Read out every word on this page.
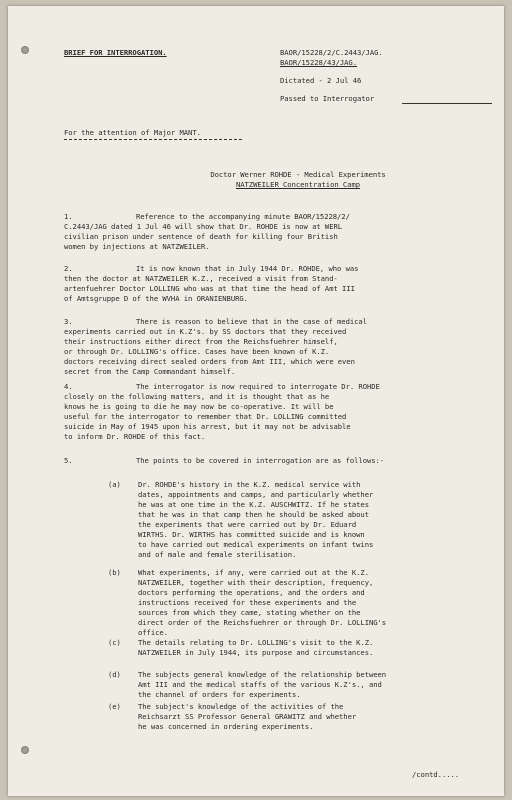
BRIEF FOR INTERROGATION.	BAOR/15228/2/C.2443/JAG.
BAOR/15228/43/JAG.
Dictated - 2 Jul 46
Passed to Interrogator
For the attention of Major MANT.
Doctor Werner ROHDE - Medical Experiments
NATZWEILER Concentration Camp
1.	Reference to the accompanying minute BAOR/15228/2/
C.2443/JAG dated 1 Jul 46 will show that Dr. ROHDE is now at WERL
civilian prison under sentence of death for killing four British
women by injections at NATZWEILER.
2.	It is now known that in July 1944 Dr. ROHDE, who was
then the doctor at NATZWEILER K.Z., received a visit from Stand-
artenfuehrer Doctor LOLLING who was at that time the head of Amt III
of Amtsgruppe D of the WVHA in ORANIENBURG.
3.	There is reason to believe that in the case of medical
experiments carried out in K.Z's. by SS doctors that they received
their instructions either direct from the Reichsfuehrer himself,
or through Dr. LOLLING's office. Cases have been known of K.Z.
doctors receiving direct sealed orders from Amt III, which were even
secret from the Camp Commandant himself.
4.	The interrogator is now required to interrogate Dr. ROHDE
closely on the following matters, and it is thought that as he
knows he is going to die he may now be co-operative. It will be
useful for the interrogator to remember that Dr. LOLLING committed
suicide in May of 1945 upon his arrest, but it may not be advisable
to inform Dr. ROHDE of this fact.
5.	The points to be covered in interrogation are as follows:-
(a) Dr. ROHDE's history in the K.Z. medical service with
dates, appointments and camps, and particularly whether
he was at one time in the K.Z. AUSCHWITZ. If he states
that he was in that camp then he should be asked about
the experiments that were carried out by Dr. Eduard
WIRTHS. Dr. WIRTHS has committed suicide and is known
to have carried out medical experiments on infant twins
and of male and female sterilisation.
(b) What experiments, if any, were carried out at the K.Z.
NATZWEILER, together with their description, frequency,
doctors performing the operations, and the orders and
instructions received for these experiments and the
sources from which they came, stating whether on the
direct order of the Reichsfuehrer or through Dr. LOLLING's
office.
(c) The details relating to Dr. LOLLING's visit to the K.Z.
NATZWEILER in July 1944, its purpose and circumstances.
(d) The subjects general knowledge of the relationship between
Amt III and the medical staffs of the various K.Z's., and
the channel of orders for experiments.
(e) The subject's knowledge of the activities of the
Reichsarzt SS Professor General GRAWITZ and whether
he was concerned in ordering experiments.
/contd.....
